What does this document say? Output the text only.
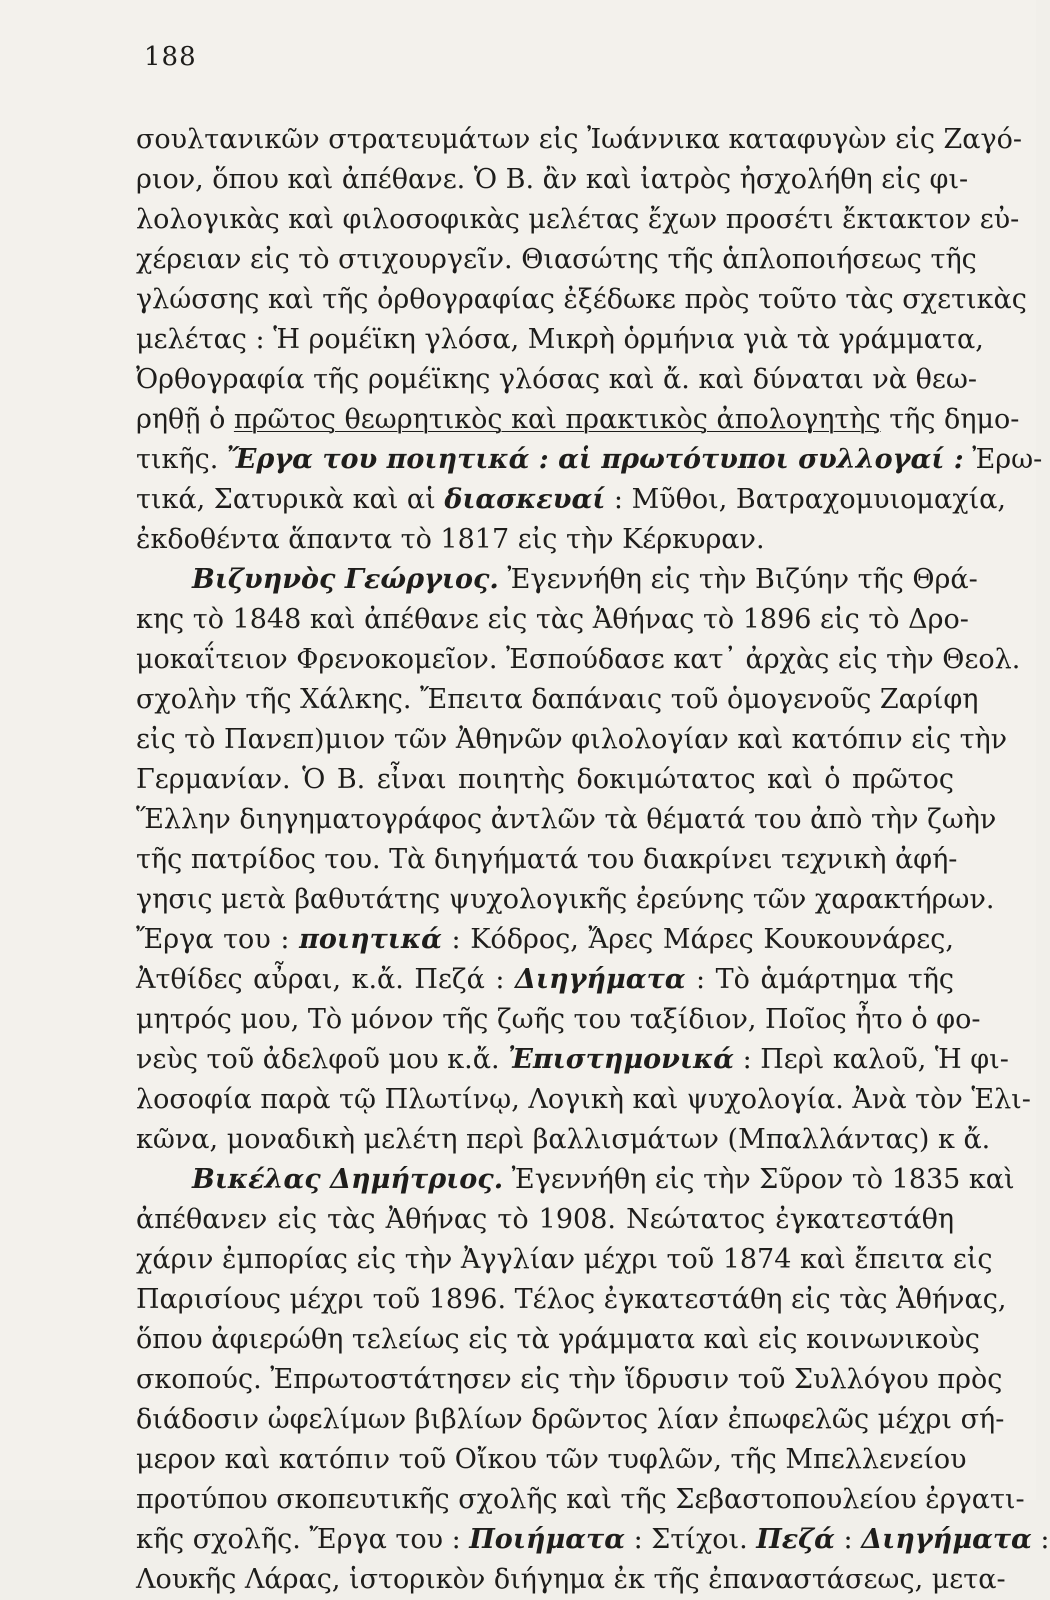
188
σουλτανικῶν στρατευμάτων εἰς Ἰωάννικα καταφυγὼν εἰς Ζαγό-
ριον, ὅπου καὶ ἀπέθανε. Ὁ Β. ἂν καὶ ἰατρὸς ἠσχολήθη εἰς φι-
λολογικὰς καὶ φιλοσοφικὰς μελέτας ἔχων προσέτι ἔκτακτον εὐ-
χέρειαν εἰς τὸ στιχουργεῖν. Θιασώτης τῆς ἁπλοποιήσεως τῆς
γλώσσης καὶ τῆς ὀρθογραφίας ἐξέδωκε πρὸς τοῦτο τὰς σχετικὰς
μελέτας : Ἡ ρομέϊκη γλόσα, Μικρὴ ὁρμήνια γιὰ τὰ γράμματα,
Ὀρθογραφία τῆς ρομέϊκης γλόσας καὶ ἄ. καὶ δύναται νὰ θεω-
ρηθῇ ὁ πρῶτος θεωρητικὸς καὶ πρακτικὸς ἀπολογητὴς τῆς δημο-
τικῆς. Ἔργα του ποιητικά : αἱ πρωτότυποι συλλογαί : Ἐρω-
τικά, Σατυρικὰ καὶ αἱ διασκευαί : Μῦθοι, Βατραχομυιομαχία,
ἐκδοθέντα ἅπαντα τὸ 1817 εἰς τὴν Κέρκυραν.
Βιζυηνὸς Γεώργιος. Ἐγεννήθη εἰς τὴν Βιζύην τῆς Θρά-
κης τὸ 1848 καὶ ἀπέθανε εἰς τὰς Ἀθήνας τὸ 1896 εἰς τὸ Δρο-
μοκαΐτειον Φρενοκομεῖον. Ἐσπούδασε κατ᾿ ἀρχὰς εἰς τὴν Θεολ.
σχολὴν τῆς Χάλκης. Ἔπειτα δαπάναις τοῦ ὁμογενοῦς Ζαρίφη
εἰς τὸ Πανεπ)μιον τῶν Ἀθηνῶν φιλολογίαν καὶ κατόπιν εἰς τὴν
Γερμανίαν. Ὁ Β. εἶναι ποιητὴς δοκιμώτατος καὶ ὁ πρῶτος
Ἕλλην διηγηματογράφος ἀντλῶν τὰ θέματά του ἀπὸ τὴν ζωὴν
τῆς πατρίδος του. Τὰ διηγήματά του διακρίνει τεχνικὴ ἀφή-
γησις μετὰ βαθυτάτης ψυχολογικῆς ἐρεύνης τῶν χαρακτήρων.
Ἔργα του : ποιητικά : Κόδρος, Ἄρες Μάρες Κουκουνάρες,
Ἀτθίδες αὖραι, κ.ἄ. Πεζά : Διηγήματα : Τὸ ἁμάρτημα τῆς
μητρός μου, Τὸ μόνον τῆς ζωῆς του ταξίδιον, Ποῖος ἦτο ὁ φο-
νεὺς τοῦ ἀδελφοῦ μου κ.ἄ. Ἐπιστημονικά : Περὶ καλοῦ, Ἡ φι-
λοσοφία παρὰ τῷ Πλωτίνῳ, Λογικὴ καὶ ψυχολογία. Ἀνὰ τὸν Ἑλι-
κῶνα, μοναδικὴ μελέτη περὶ βαλλισμάτων (Μπαλλάντας) κ ἄ.
Βικέλας Δημήτριος. Ἐγεννήθη εἰς τὴν Σῦρον τὸ 1835 καὶ
ἀπέθανεν εἰς τὰς Ἀθήνας τὸ 1908. Νεώτατος ἐγκατεστάθη
χάριν ἐμπορίας εἰς τὴν Ἀγγλίαν μέχρι τοῦ 1874 καὶ ἔπειτα εἰς
Παρισίους μέχρι τοῦ 1896. Τέλος ἐγκατεστάθη εἰς τὰς Ἀθήνας,
ὅπου ἀφιερώθη τελείως εἰς τὰ γράμματα καὶ εἰς κοινωνικοὺς
σκοπούς. Ἐπρωτοστάτησεν εἰς τὴν ἵδρυσιν τοῦ Συλλόγου πρὸς
διάδοσιν ὠφελίμων βιβλίων δρῶντος λίαν ἐπωφελῶς μέχρι σή-
μερον καὶ κατόπιν τοῦ Οἴκου τῶν τυφλῶν, τῆς Μπελλενείου
προτύπου σκοπευτικῆς σχολῆς καὶ τῆς Σεβαστοπουλείου ἐργατι-
κῆς σχολῆς. Ἔργα του : Ποιήματα : Στίχοι. Πεζά : Διηγήματα :
Λουκῆς Λάρας, ἱστορικὸν διήγημα ἐκ τῆς ἐπαναστάσεως, μετα-
